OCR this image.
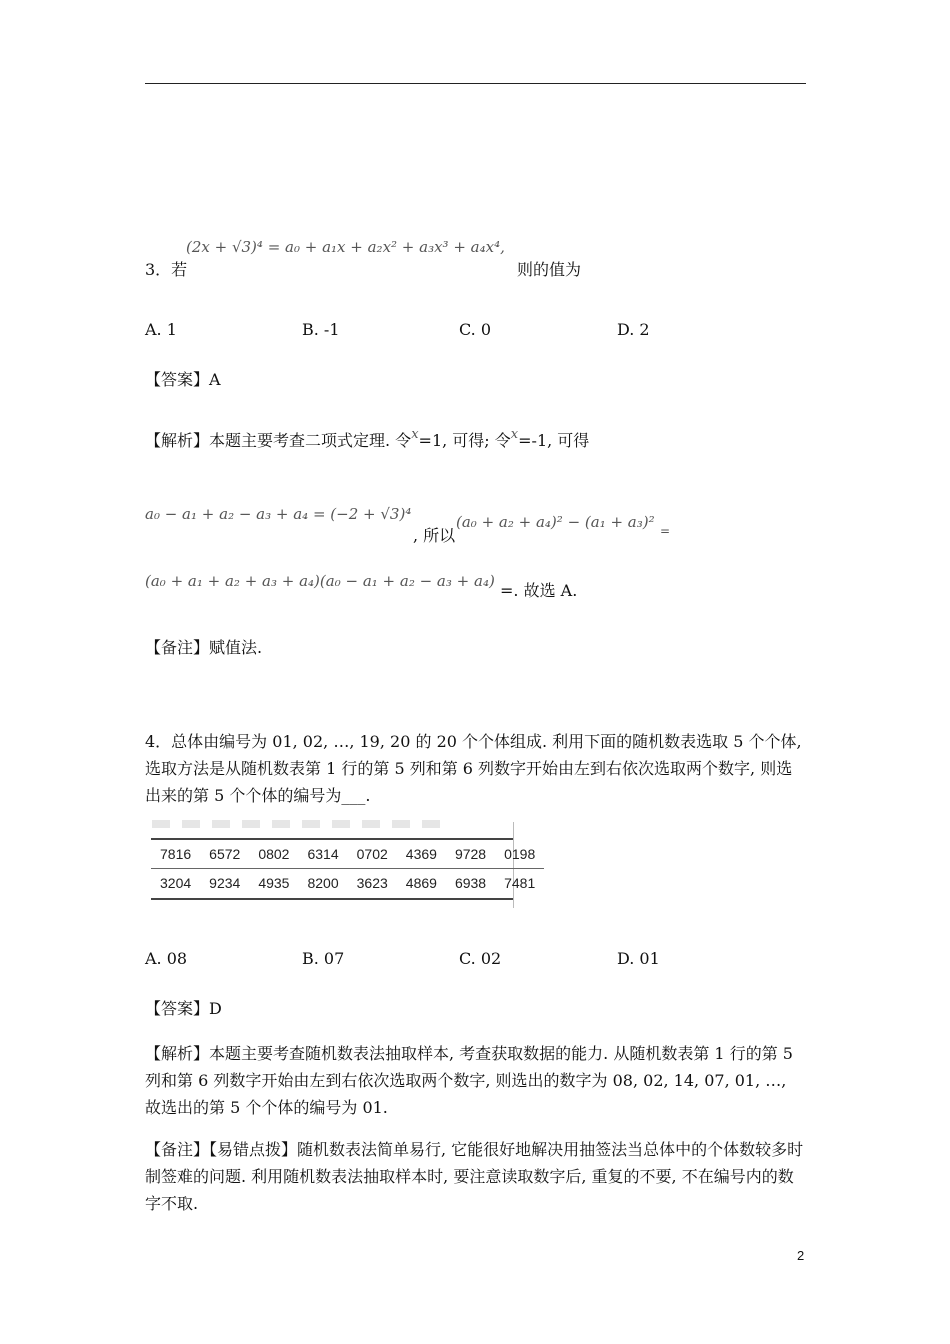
(2x + √3)⁴ = a₀ + a₁x + a₂x² + a₃x³ + a₄x⁴,
3．若	则的值为
A. 1	B. -1	C. 0	D. 2
【答案】A
【解析】本题主要考查二项式定理. 令$^x$=1, 可得; 令$^x$=-1, 可得
a₀ − a₁ + a₂ − a₃ + a₄ = (−2 + √3)⁴
, 所以
(a₀ + a₂ + a₄)² − (a₁ + a₃)² =
(a₀ + a₁ + a₂ + a₃ + a₄)(a₀ − a₁ + a₂ − a₃ + a₄) =. 故选 A.
【备注】赋值法.
4．总体由编号为 01, 02, …, 19, 20 的 20 个个体组成. 利用下面的随机数表选取 5 个个体, 选取方法是从随机数表第 1 行的第 5 列和第 6 列数字开始由左到右依次选取两个数字, 则选出来的第 5 个个体的编号为___.
7816	6572	0802	6314	0702	4369	9728	0198
3204	9234	4935	8200	3623	4869	6938	7481
A. 08	B. 07	C. 02	D. 01
【答案】D
【解析】本题主要考查随机数表法抽取样本, 考查获取数据的能力. 从随机数表第 1 行的第 5 列和第 6 列数字开始由左到右依次选取两个数字, 则选出的数字为 08, 02, 14, 07, 01, …, 故选出的第 5 个个体的编号为 01.
【备注】【易错点拨】随机数表法简单易行, 它能很好地解决用抽签法当总体中的个体数较多时制签难的问题. 利用随机数表法抽取样本时, 要注意读取数字后, 重复的不要, 不在编号内的数字不取.
2
